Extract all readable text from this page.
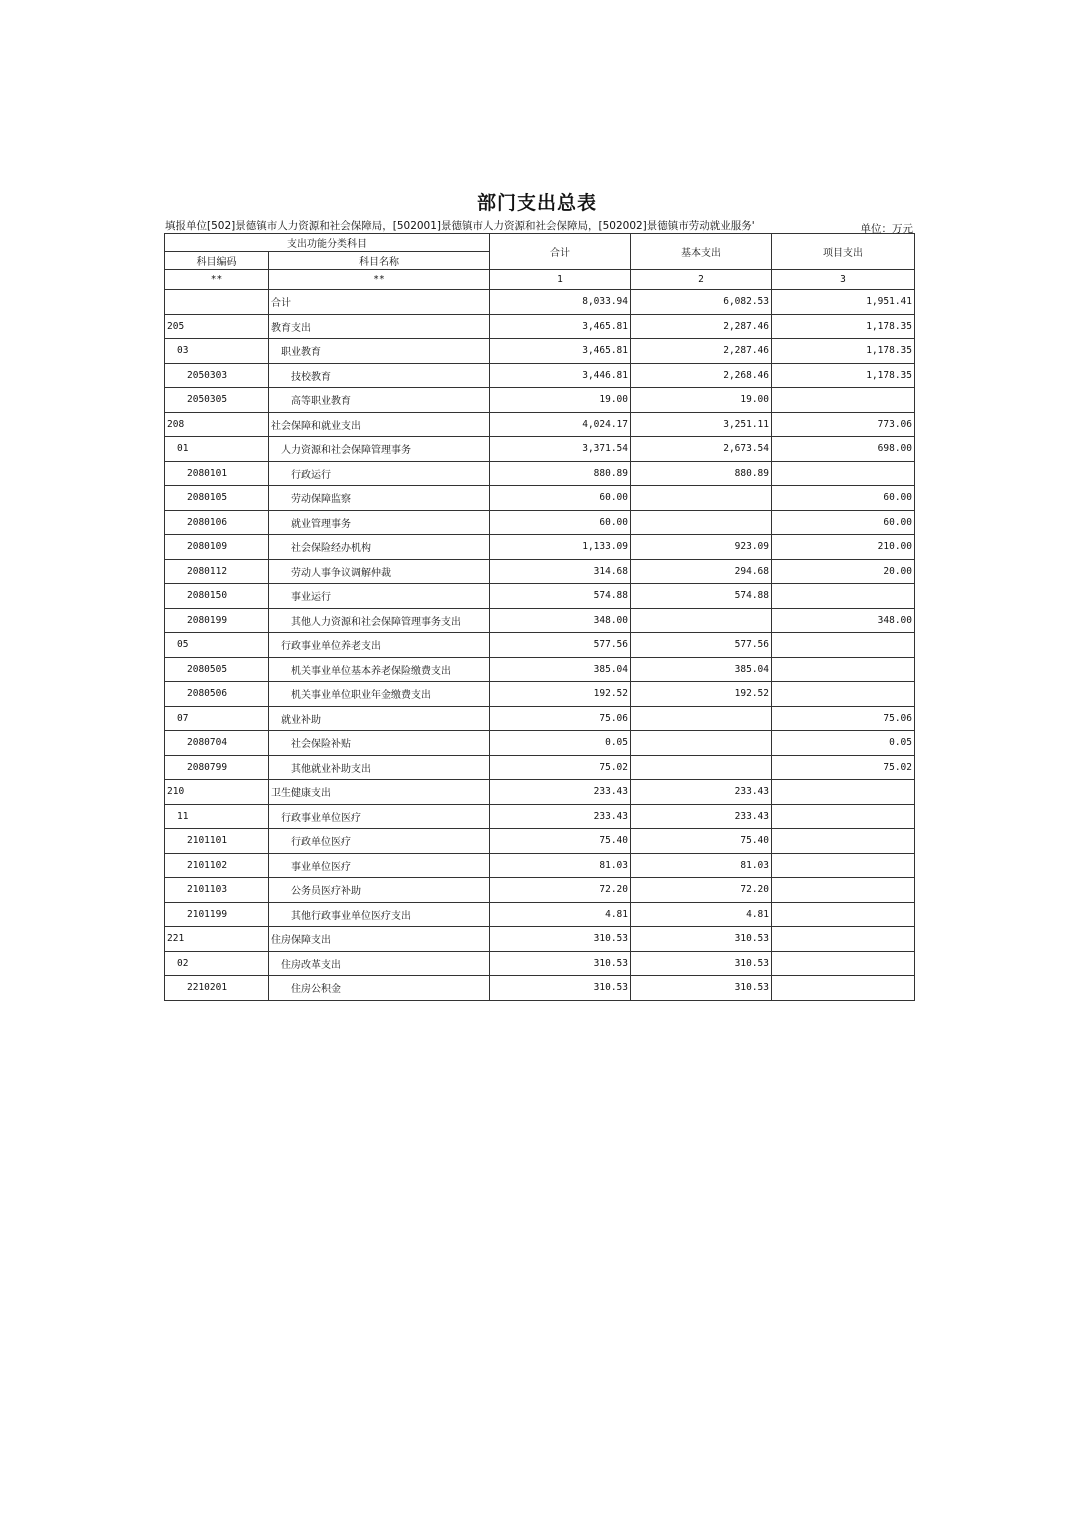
部门支出总表
填报单位[502]景德镇市人力资源和社会保障局，[502001]景德镇市人力资源和社会保障局，[502002]景德镇市劳动就业服务'	单位：万元
支出功能分类科目		合计	基本支出	项目支出
科目编码	科目名称			
**	**	1	2	3
	合计	8,033.94	6,082.53	1,951.41
205	教育支出	3,465.81	2,287.46	1,178.35
03	职业教育	3,465.81	2,287.46	1,178.35
2050303	技校教育	3,446.81	2,268.46	1,178.35
2050305	高等职业教育	19.00	19.00	
208	社会保障和就业支出	4,024.17	3,251.11	773.06
01	人力资源和社会保障管理事务	3,371.54	2,673.54	698.00
2080101	行政运行	880.89	880.89	
2080105	劳动保障监察	60.00		60.00
2080106	就业管理事务	60.00		60.00
2080109	社会保险经办机构	1,133.09	923.09	210.00
2080112	劳动人事争议调解仲裁	314.68	294.68	20.00
2080150	事业运行	574.88	574.88	
2080199	其他人力资源和社会保障管理事务支出	348.00		348.00
05	行政事业单位养老支出	577.56	577.56	
2080505	机关事业单位基本养老保险缴费支出	385.04	385.04	
2080506	机关事业单位职业年金缴费支出	192.52	192.52	
07	就业补助	75.06		75.06
2080704	社会保险补贴	0.05		0.05
2080799	其他就业补助支出	75.02		75.02
210	卫生健康支出	233.43	233.43	
11	行政事业单位医疗	233.43	233.43	
2101101	行政单位医疗	75.40	75.40	
2101102	事业单位医疗	81.03	81.03	
2101103	公务员医疗补助	72.20	72.20	
2101199	其他行政事业单位医疗支出	4.81	4.81	
221	住房保障支出	310.53	310.53	
02	住房改革支出	310.53	310.53	
2210201	住房公积金	310.53	310.53	
